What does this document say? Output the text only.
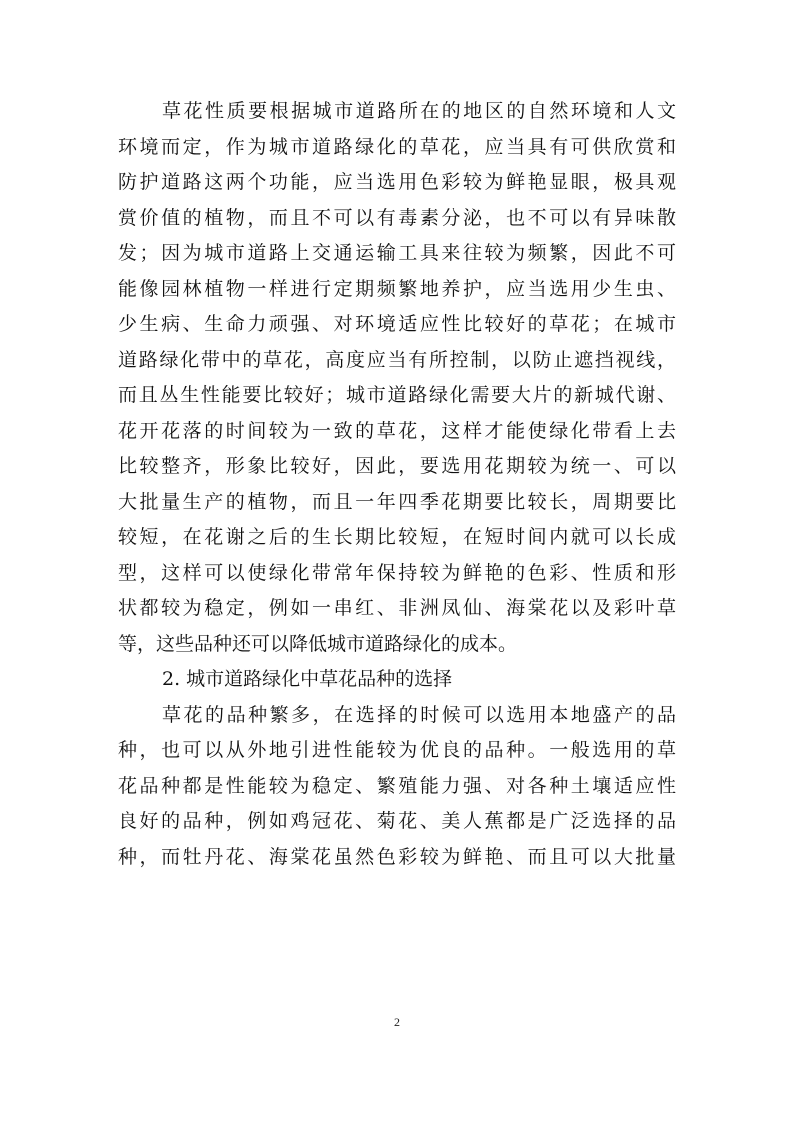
草花性质要根据城市道路所在的地区的自然环境和人文
环境而定，作为城市道路绿化的草花，应当具有可供欣赏和
防护道路这两个功能，应当选用色彩较为鲜艳显眼，极具观
赏价值的植物，而且不可以有毒素分泌，也不可以有异味散
发；因为城市道路上交通运输工具来往较为频繁，因此不可
能像园林植物一样进行定期频繁地养护，应当选用少生虫、
少生病、生命力顽强、对环境适应性比较好的草花；在城市
道路绿化带中的草花，高度应当有所控制，以防止遮挡视线，
而且丛生性能要比较好；城市道路绿化需要大片的新城代谢、
花开花落的时间较为一致的草花，这样才能使绿化带看上去
比较整齐，形象比较好，因此，要选用花期较为统一、可以
大批量生产的植物，而且一年四季花期要比较长，周期要比
较短，在花谢之后的生长期比较短，在短时间内就可以长成
型，这样可以使绿化带常年保持较为鲜艳的色彩、性质和形
状都较为稳定，例如一串红、非洲凤仙、海棠花以及彩叶草
等，这些品种还可以降低城市道路绿化的成本。
2. 城市道路绿化中草花品种的选择
草花的品种繁多，在选择的时候可以选用本地盛产的品
种，也可以从外地引进性能较为优良的品种。一般选用的草
花品种都是性能较为稳定、繁殖能力强、对各种土壤适应性
良好的品种，例如鸡冠花、菊花、美人蕉都是广泛选择的品
种，而牡丹花、海棠花虽然色彩较为鲜艳、而且可以大批量
2
